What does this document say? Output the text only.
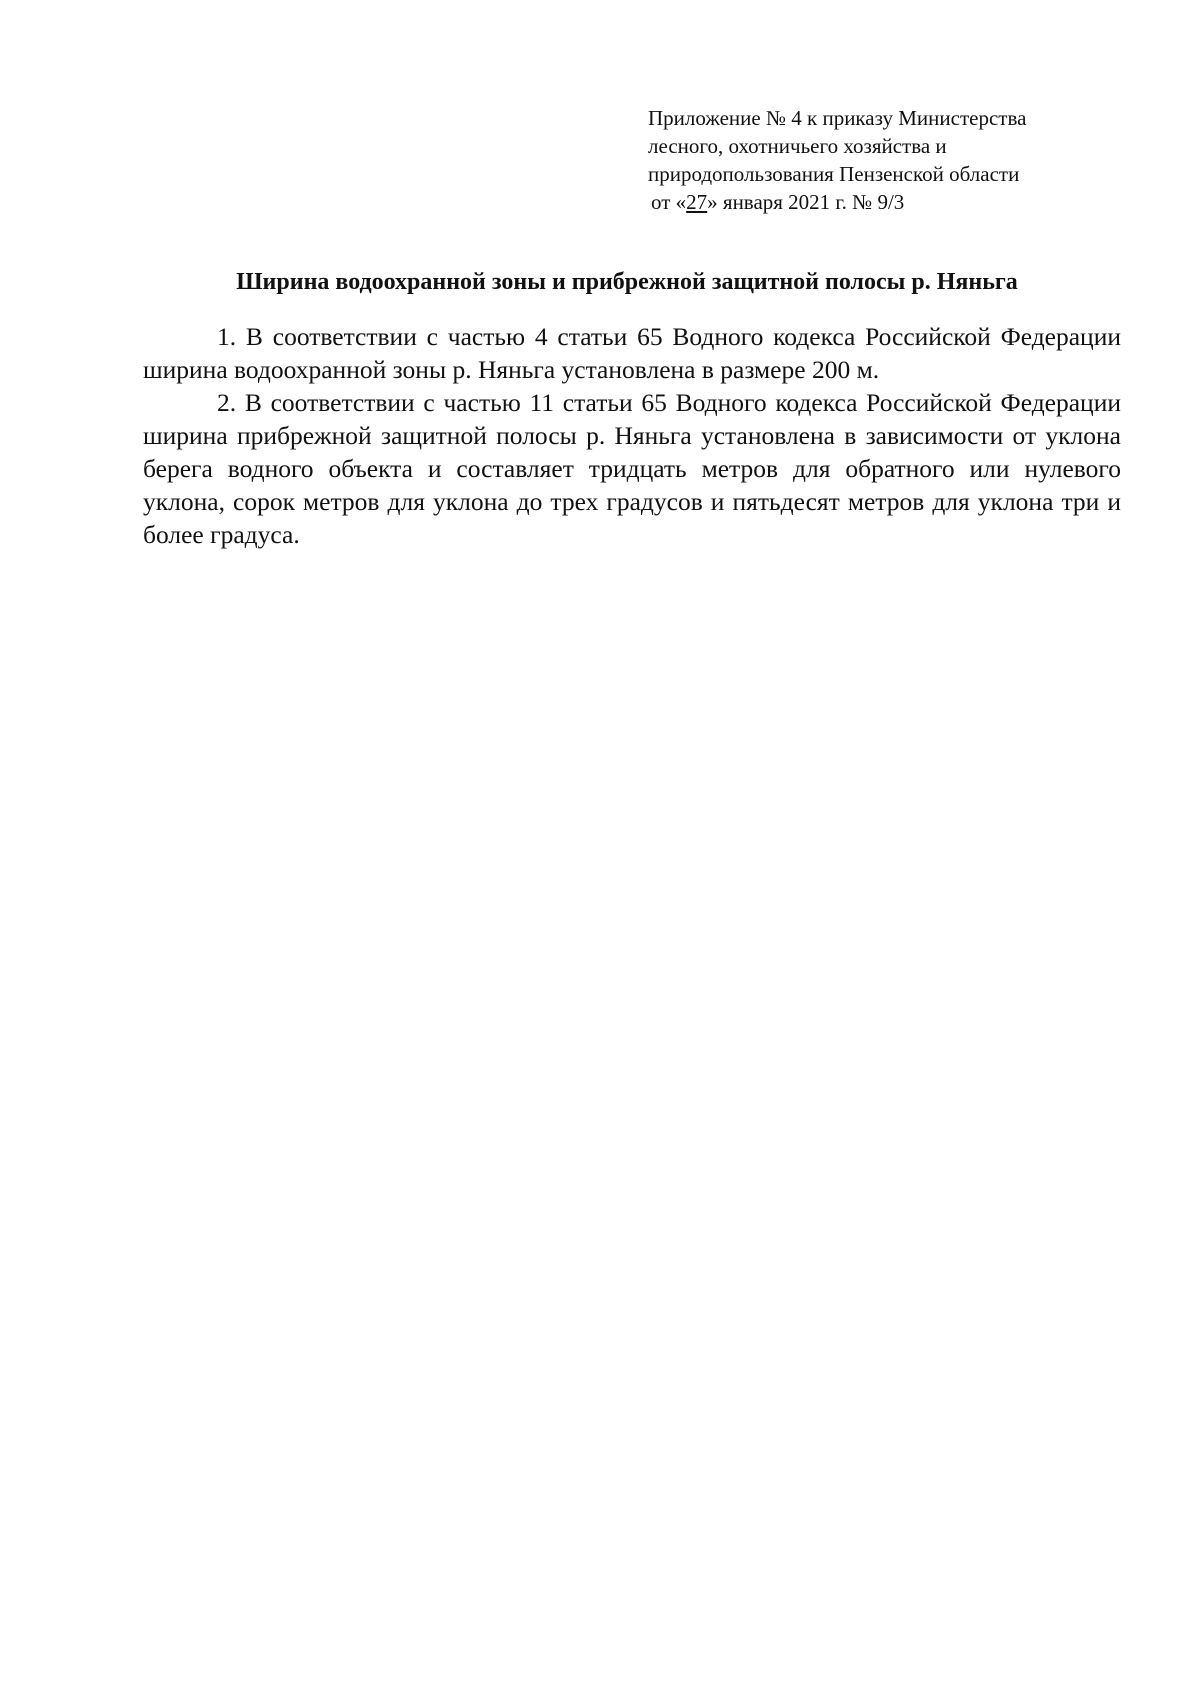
Приложение № 4 к приказу Министерства
лесного, охотничьего хозяйства и
природопользования Пензенской области
от «27» января 2021 г. № 9/3
Ширина водоохранной зоны и прибрежной защитной полосы р. Няньга

1. В соответствии с частью 4 статьи 65 Водного кодекса Российской Федерации ширина водоохранной зоны р. Няньга установлена в размере 200 м.

2. В соответствии с частью 11 статьи 65 Водного кодекса Российской Федерации ширина прибрежной защитной полосы р. Няньга установлена в зависимости от уклона берега водного объекта и составляет тридцать метров для обратного или нулевого уклона, сорок метров для уклона до трех градусов и пятьдесят метров для уклона три и более градуса.
